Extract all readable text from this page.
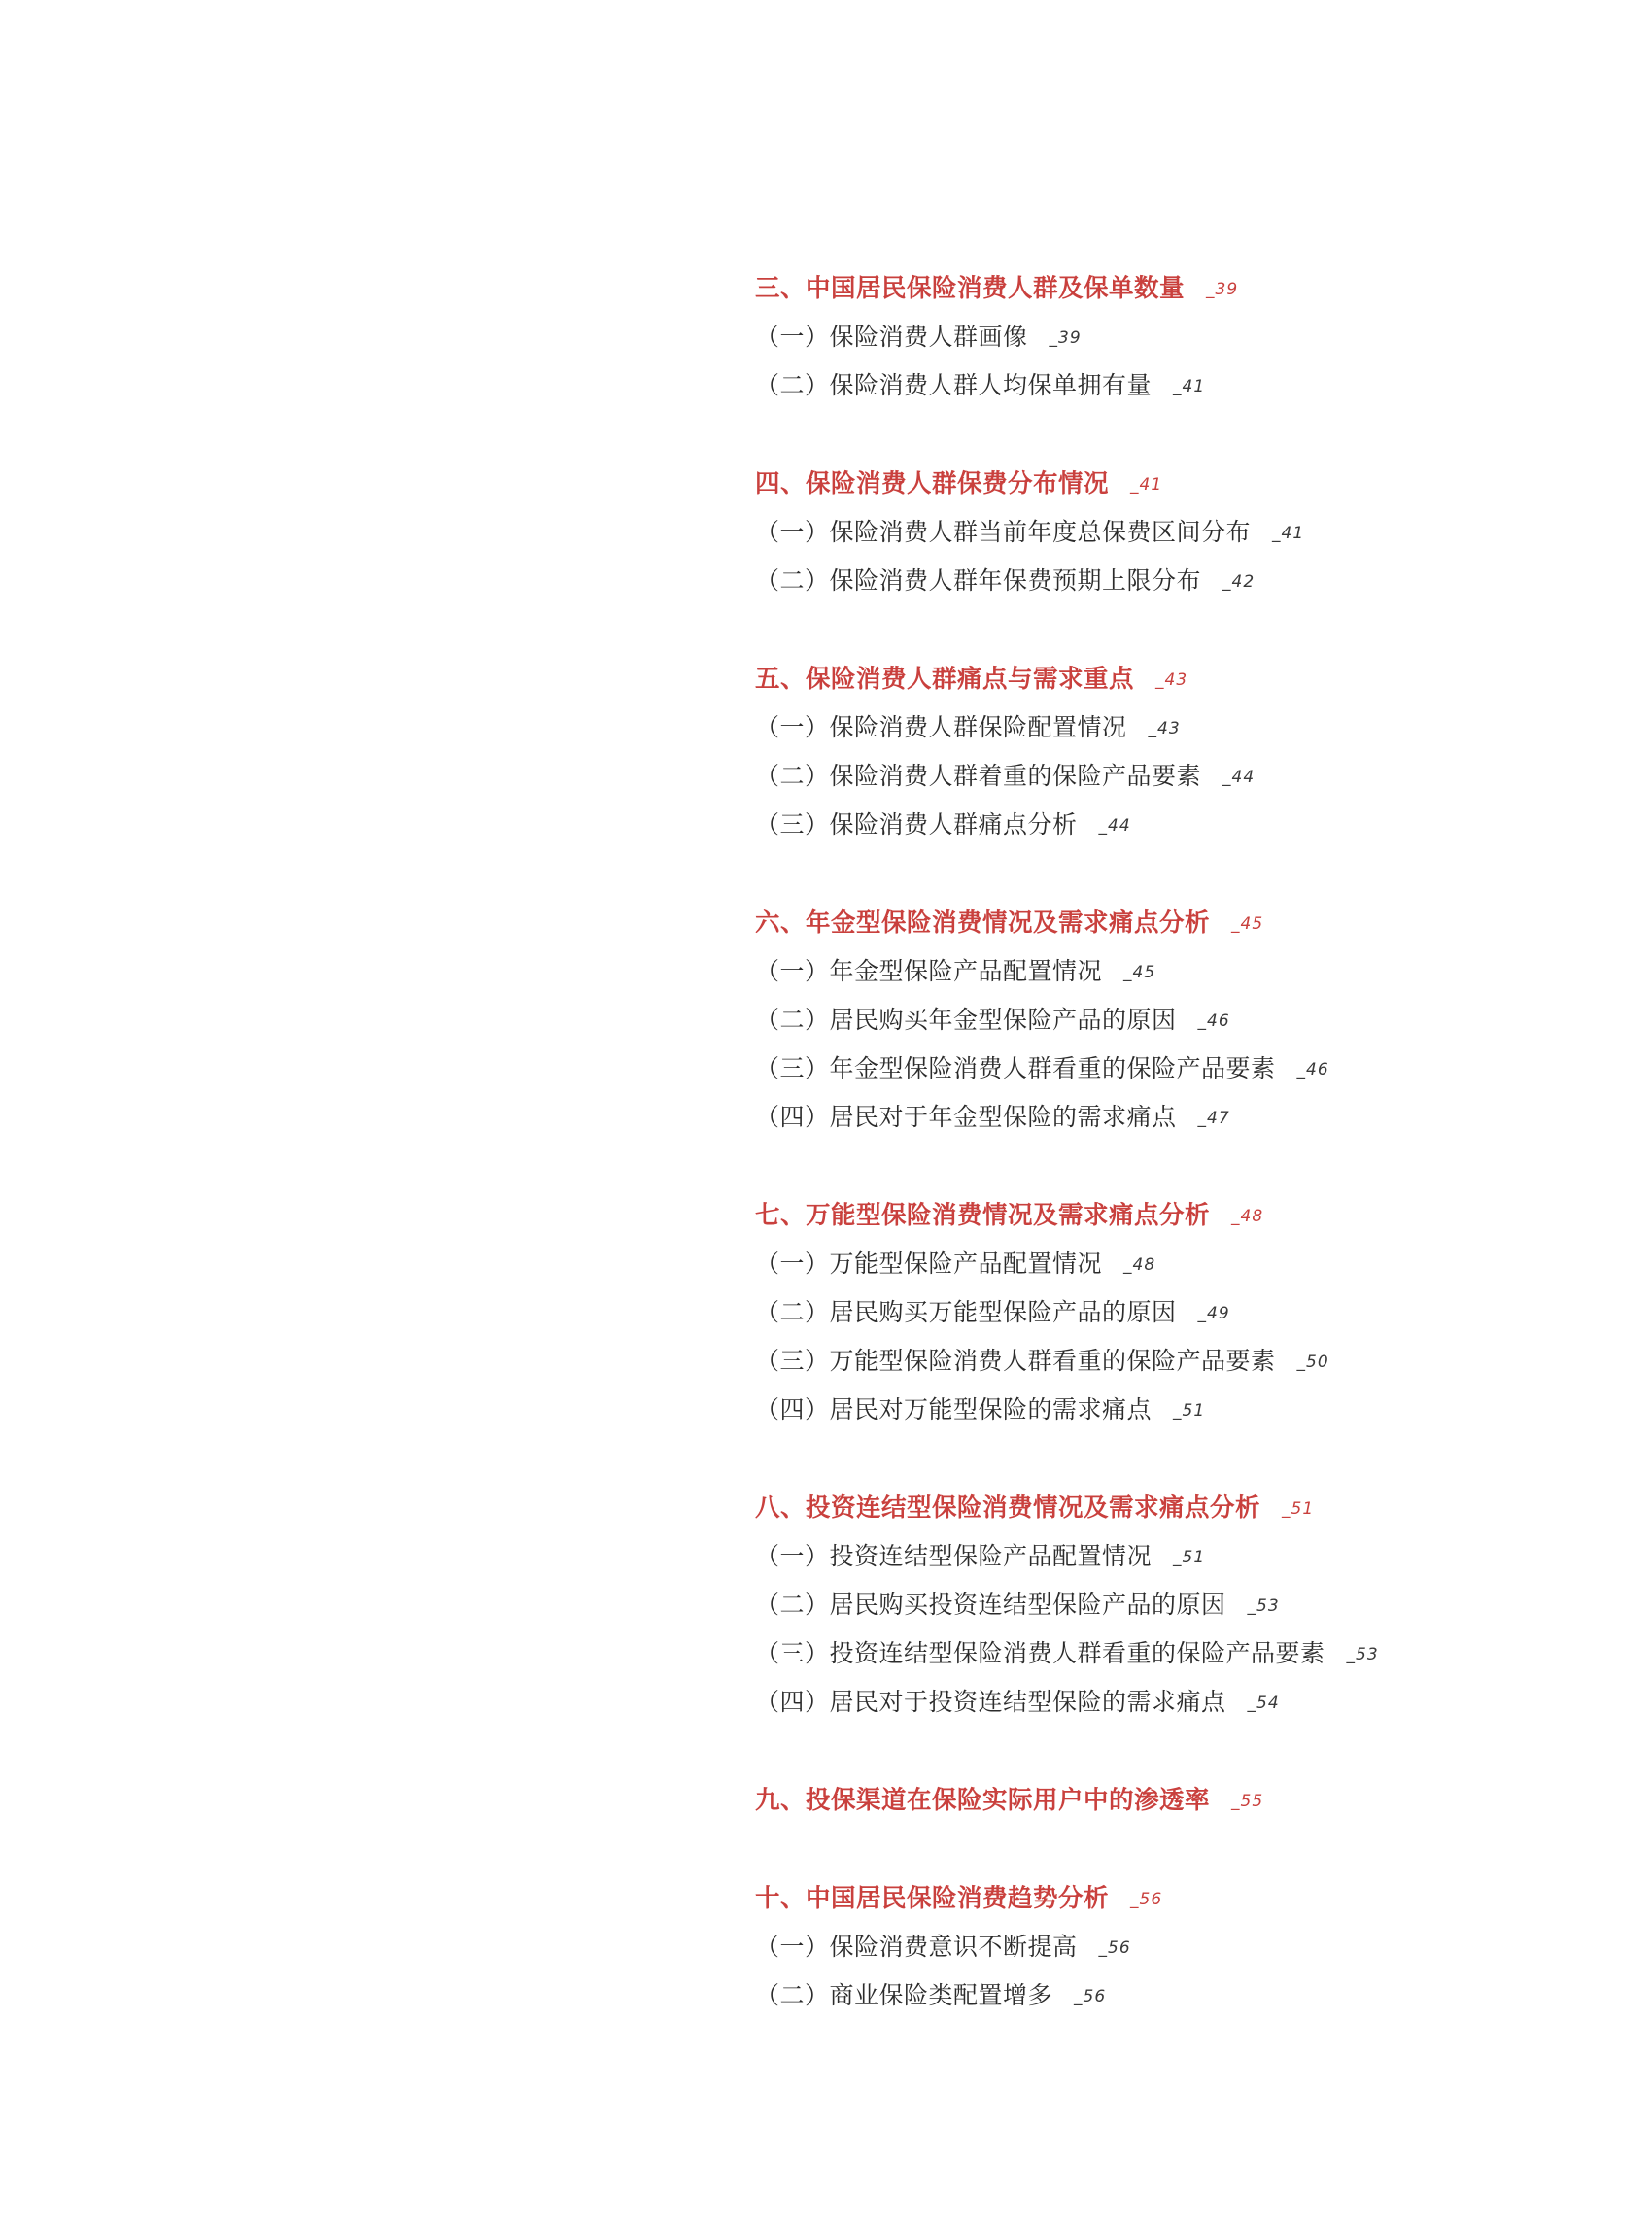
三、中国居民保险消费人群及保单数量 _39
（一）保险消费人群画像 _39
（二）保险消费人群人均保单拥有量 _41
四、保险消费人群保费分布情况 _41
（一）保险消费人群当前年度总保费区间分布 _41
（二）保险消费人群年保费预期上限分布 _42
五、保险消费人群痛点与需求重点 _43
（一）保险消费人群保险配置情况 _43
（二）保险消费人群着重的保险产品要素 _44
（三）保险消费人群痛点分析 _44
六、年金型保险消费情况及需求痛点分析 _45
（一）年金型保险产品配置情况 _45
（二）居民购买年金型保险产品的原因 _46
（三）年金型保险消费人群看重的保险产品要素 _46
（四）居民对于年金型保险的需求痛点 _47
七、万能型保险消费情况及需求痛点分析 _48
（一）万能型保险产品配置情况 _48
（二）居民购买万能型保险产品的原因 _49
（三）万能型保险消费人群看重的保险产品要素 _50
（四）居民对万能型保险的需求痛点 _51
八、投资连结型保险消费情况及需求痛点分析 _51
（一）投资连结型保险产品配置情况 _51
（二）居民购买投资连结型保险产品的原因 _53
（三）投资连结型保险消费人群看重的保险产品要素 _53
（四）居民对于投资连结型保险的需求痛点 _54
九、投保渠道在保险实际用户中的渗透率 _55
十、中国居民保险消费趋势分析 _56
（一）保险消费意识不断提高 _56
（二）商业保险类配置增多 _56
